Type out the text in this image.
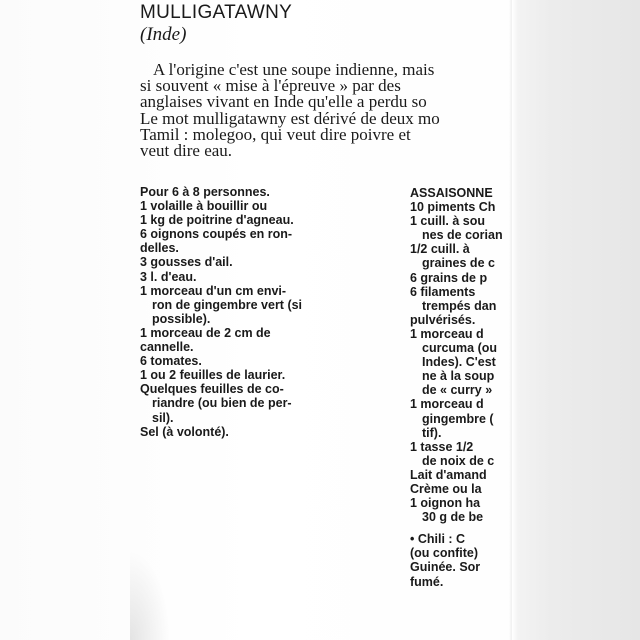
MULLIGATAWNY
(Inde)
A l'origine c'est une soupe indienne, mais
si souvent « mise à l'épreuve » par des
anglaises vivant en Inde qu'elle a perdu so
Le mot mulligatawny est dérivé de deux mo
Tamil : molegoo, qui veut dire poivre et
veut dire eau.
Pour 6 à 8 personnes.
1 volaille à bouillir ou
1 kg de poitrine d'agneau.
6 oignons coupés en ron-
delles.
3 gousses d'ail.
3 l. d'eau.
1 morceau d'un cm envi-
ron de gingembre vert (si
possible).
1 morceau de 2 cm de
cannelle.
6 tomates.
1 ou 2 feuilles de laurier.
Quelques feuilles de co-
riandre (ou bien de per-
sil).
Sel (à volonté).
ASSAISONNE
10 piments Ch
1 cuill. à sou
nes de corian
1/2 cuill. à
graines de c
6 grains de p
6 filaments
trempés dan
pulvérisés.
1 morceau d
curcuma (ou
Indes). C'est
ne à la soup
de « curry »
1 morceau d
gingembre (
tif).
1 tasse 1/2
de noix de c
Lait d'amand
Crème ou la
1 oignon ha
30 g de be
• Chili : C
(ou confite)
Guinée. Sor
fumé.
